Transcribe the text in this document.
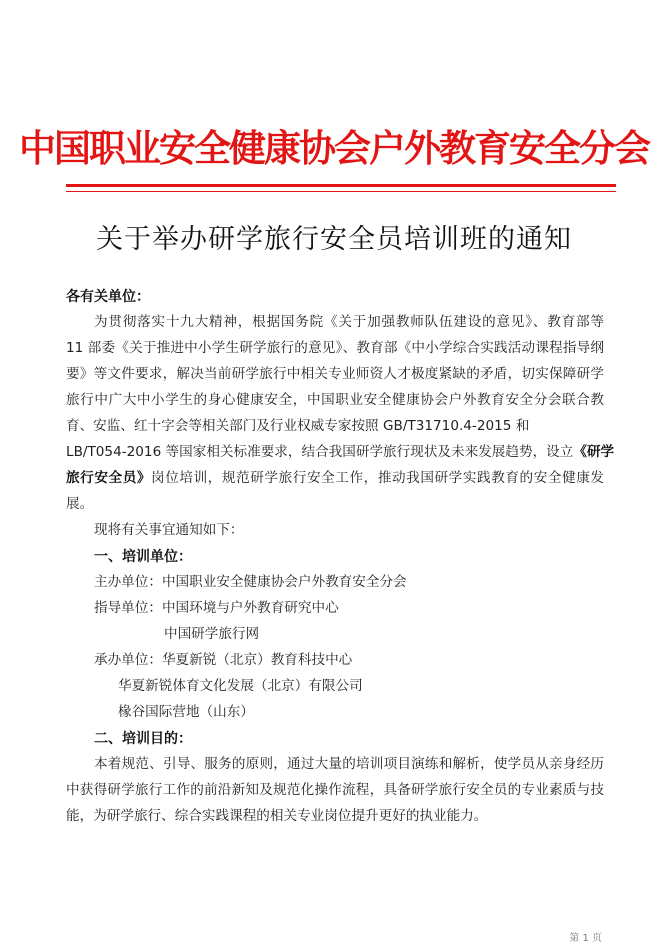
中国职业安全健康协会户外教育安全分会
关于举办研学旅行安全员培训班的通知
各有关单位：
为贯彻落实十九大精神，根据国务院《关于加强教师队伍建设的意见》、教育部等
11 部委《关于推进中小学生研学旅行的意见》、教育部《中小学综合实践活动课程指导纲
要》等文件要求，解决当前研学旅行中相关专业师资人才极度紧缺的矛盾，切实保障研学
旅行中广大中小学生的身心健康安全，中国职业安全健康协会户外教育安全分会联合教
育、安监、红十字会等相关部门及行业权威专家按照 GB/T31710.4-2015 和
LB/T054-2016 等国家相关标准要求，结合我国研学旅行现状及未来发展趋势，设立《研学
旅行安全员》岗位培训，规范研学旅行安全工作，推动我国研学实践教育的安全健康发
展。
现将有关事宜通知如下：
一、培训单位：
主办单位：中国职业安全健康协会户外教育安全分会
指导单位：中国环境与户外教育研究中心
中国研学旅行网
承办单位：华夏新锐（北京）教育科技中心
华夏新锐体育文化发展（北京）有限公司
椽谷国际营地（山东）
二、培训目的：
本着规范、引导、服务的原则，通过大量的培训项目演练和解析，使学员从亲身经历
中获得研学旅行工作的前沿新知及规范化操作流程，具备研学旅行安全员的专业素质与技
能，为研学旅行、综合实践课程的相关专业岗位提升更好的执业能力。
第 1 页
